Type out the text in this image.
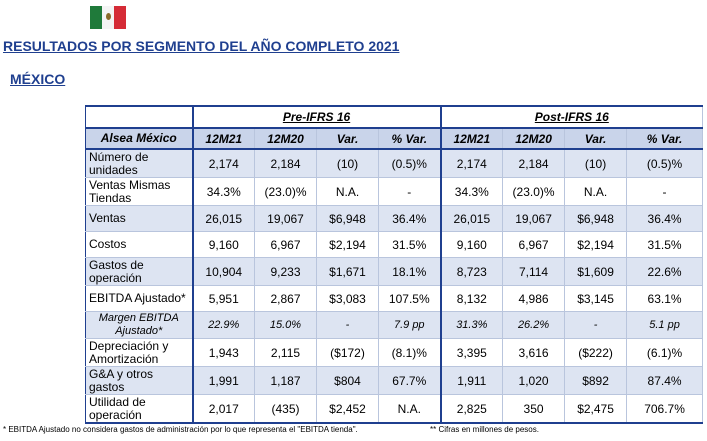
RESULTADOS POR SEGMENTO DEL AÑO COMPLETO 2021
MÉXICO
	Pre-IFRS 16				Post-IFRS 16			
Alsea México	12M21	12M20	Var.	% Var.	12M21	12M20	Var.	% Var.
Número de unidades	2,174	2,184	(10)	(0.5)%	2,174	2,184	(10)	(0.5)%
Ventas Mismas Tiendas	34.3%	(23.0)%	N.A.	-	34.3%	(23.0)%	N.A.	-
Ventas	26,015	19,067	$6,948	36.4%	26,015	19,067	$6,948	36.4%
Costos	9,160	6,967	$2,194	31.5%	9,160	6,967	$2,194	31.5%
Gastos de operación	10,904	9,233	$1,671	18.1%	8,723	7,114	$1,609	22.6%
EBITDA Ajustado*	5,951	2,867	$3,083	107.5%	8,132	4,986	$3,145	63.1%
Margen EBITDA Ajustado*	22.9%	15.0%	-	7.9 pp	31.3%	26.2%	-	5.1 pp
Depreciación y Amortización	1,943	2,115	($172)	(8.1)%	3,395	3,616	($222)	(6.1)%
G&A y otros gastos	1,991	1,187	$804	67.7%	1,911	1,020	$892	87.4%
Utilidad de operación	2,017	(435)	$2,452	N.A.	2,825	350	$2,475	706.7%
* EBITDA Ajustado no considera gastos de administración por lo que representa el "EBITDA tienda".	** Cifras en millones de pesos.
